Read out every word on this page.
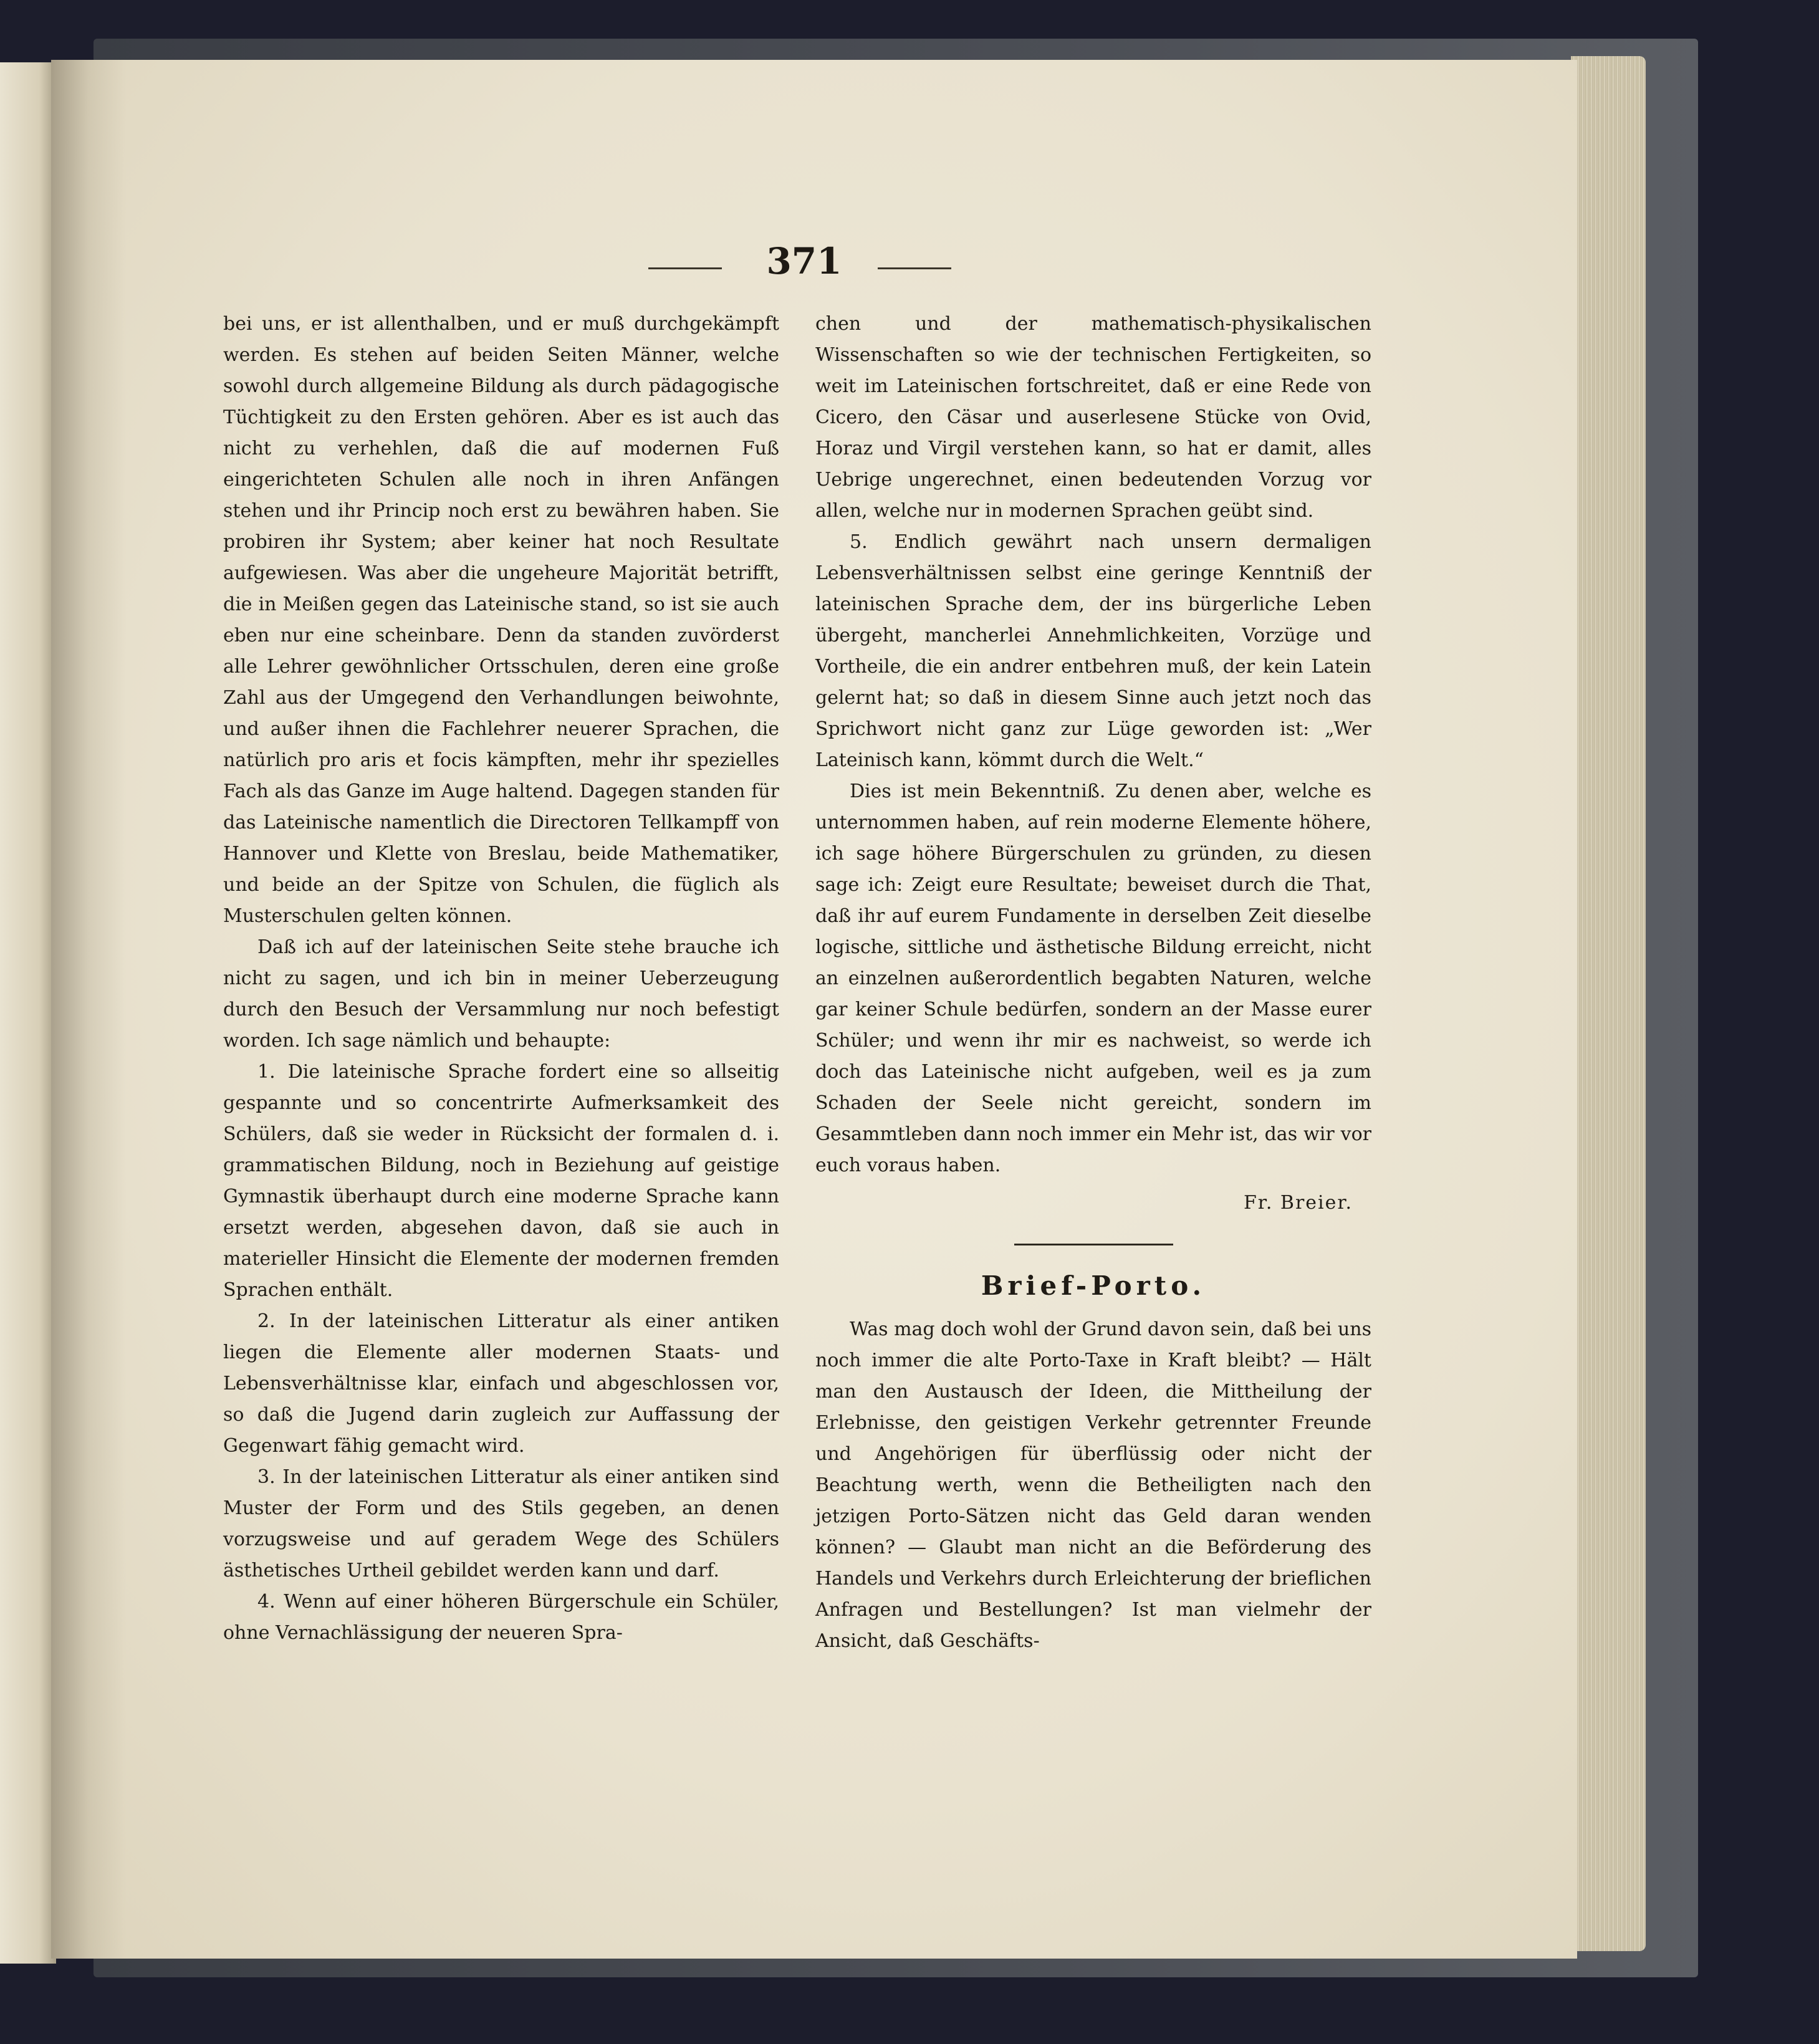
371

bei uns, er ist allenthalben, und er muß durchgekämpft werden. Es stehen auf beiden Seiten Männer, welche sowohl durch allgemeine Bildung als durch pädagogische Tüchtigkeit zu den Ersten gehören. Aber es ist auch das nicht zu verhehlen, daß die auf modernen Fuß eingerichteten Schulen alle noch in ihren Anfängen stehen und ihr Princip noch erst zu bewähren haben. Sie probiren ihr System; aber keiner hat noch Resultate aufgewiesen. Was aber die ungeheure Majorität betrifft, die in Meißen gegen das Lateinische stand, so ist sie auch eben nur eine scheinbare. Denn da standen zuvörderst alle Lehrer gewöhnlicher Ortsschulen, deren eine große Zahl aus der Umgegend den Verhandlungen beiwohnte, und außer ihnen die Fachlehrer neuerer Sprachen, die natürlich pro aris et focis kämpften, mehr ihr spezielles Fach als das Ganze im Auge haltend. Dagegen standen für das Lateinische namentlich die Directoren Tellkampff von Hannover und Klette von Breslau, beide Mathematiker, und beide an der Spitze von Schulen, die füglich als Musterschulen gelten können.

Daß ich auf der lateinischen Seite stehe brauche ich nicht zu sagen, und ich bin in meiner Ueberzeugung durch den Besuch der Versammlung nur noch befestigt worden. Ich sage nämlich und behaupte:

1. Die lateinische Sprache fordert eine so allseitig gespannte und so concentrirte Aufmerksamkeit des Schülers, daß sie weder in Rücksicht der formalen d. i. grammatischen Bildung, noch in Beziehung auf geistige Gymnastik überhaupt durch eine moderne Sprache kann ersetzt werden, abgesehen davon, daß sie auch in materieller Hinsicht die Elemente der modernen fremden Sprachen enthält.

2. In der lateinischen Litteratur als einer antiken liegen die Elemente aller modernen Staats- und Lebensverhältnisse klar, einfach und abgeschlossen vor, so daß die Jugend darin zugleich zur Auffassung der Gegenwart fähig gemacht wird.

3. In der lateinischen Litteratur als einer antiken sind Muster der Form und des Stils gegeben, an denen vorzugsweise und auf geradem Wege des Schülers ästhetisches Urtheil gebildet werden kann und darf.

4. Wenn auf einer höheren Bürgerschule ein Schüler, ohne Vernachlässigung der neueren Spra-

chen und der mathematisch-physikalischen Wissenschaften so wie der technischen Fertigkeiten, so weit im Lateinischen fortschreitet, daß er eine Rede von Cicero, den Cäsar und auserlesene Stücke von Ovid, Horaz und Virgil verstehen kann, so hat er damit, alles Uebrige ungerechnet, einen bedeutenden Vorzug vor allen, welche nur in modernen Sprachen geübt sind.

5. Endlich gewährt nach unsern dermaligen Lebensverhältnissen selbst eine geringe Kenntniß der lateinischen Sprache dem, der ins bürgerliche Leben übergeht, mancherlei Annehmlichkeiten, Vorzüge und Vortheile, die ein andrer entbehren muß, der kein Latein gelernt hat; so daß in diesem Sinne auch jetzt noch das Sprichwort nicht ganz zur Lüge geworden ist: „Wer Lateinisch kann, kömmt durch die Welt.“

Dies ist mein Bekenntniß. Zu denen aber, welche es unternommen haben, auf rein moderne Elemente höhere, ich sage höhere Bürgerschulen zu gründen, zu diesen sage ich: Zeigt eure Resultate; beweiset durch die That, daß ihr auf eurem Fundamente in derselben Zeit dieselbe logische, sittliche und ästhetische Bildung erreicht, nicht an einzelnen außerordentlich begabten Naturen, welche gar keiner Schule bedürfen, sondern an der Masse eurer Schüler; und wenn ihr mir es nachweist, so werde ich doch das Lateinische nicht aufgeben, weil es ja zum Schaden der Seele nicht gereicht, sondern im Gesammtleben dann noch immer ein Mehr ist, das wir vor euch voraus haben.

Fr. Breier.
Brief-Porto.

Was mag doch wohl der Grund davon sein, daß bei uns noch immer die alte Porto-Taxe in Kraft bleibt? — Hält man den Austausch der Ideen, die Mittheilung der Erlebnisse, den geistigen Verkehr getrennter Freunde und Angehörigen für überflüssig oder nicht der Beachtung werth, wenn die Betheiligten nach den jetzigen Porto-Sätzen nicht das Geld daran wenden können? — Glaubt man nicht an die Beförderung des Handels und Verkehrs durch Erleichterung der brieflichen Anfragen und Bestellungen? Ist man vielmehr der Ansicht, daß Geschäfts-
